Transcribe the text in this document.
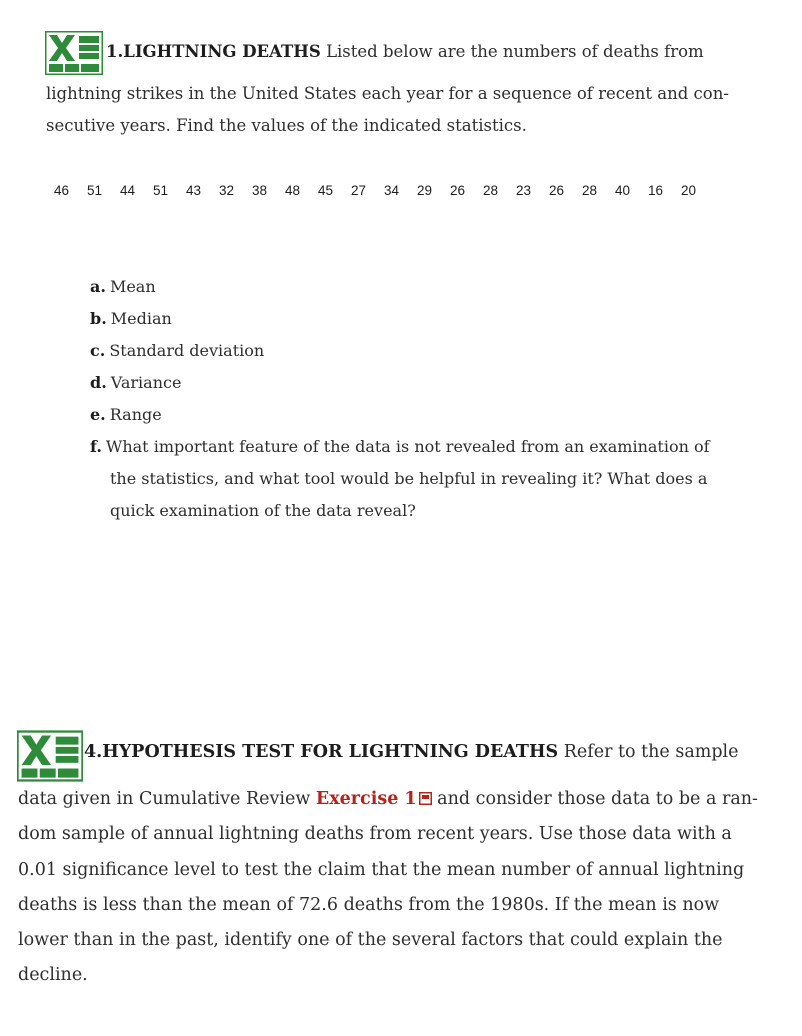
1.LIGHTNING DEATHS Listed below are the numbers of deaths from
lightning strikes in the United States each year for a sequence of recent and con-
secutive years. Find the values of the indicated statistics.
46 51 44 51 43 32 38 48 45 27 34 29 26 28 23 26 28 40 16 20
a. Mean
b. Median
c. Standard deviation
d. Variance
e. Range
f. What important feature of the data is not revealed from an examination of
the statistics, and what tool would be helpful in revealing it? What does a
quick examination of the data reveal?
4.HYPOTHESIS TEST FOR LIGHTNING DEATHS Refer to the sample
data given in Cumulative Review Exercise 1 and consider those data to be a ran-
dom sample of annual lightning deaths from recent years. Use those data with a
0.01 significance level to test the claim that the mean number of annual lightning
deaths is less than the mean of 72.6 deaths from the 1980s. If the mean is now
lower than in the past, identify one of the several factors that could explain the
decline.
